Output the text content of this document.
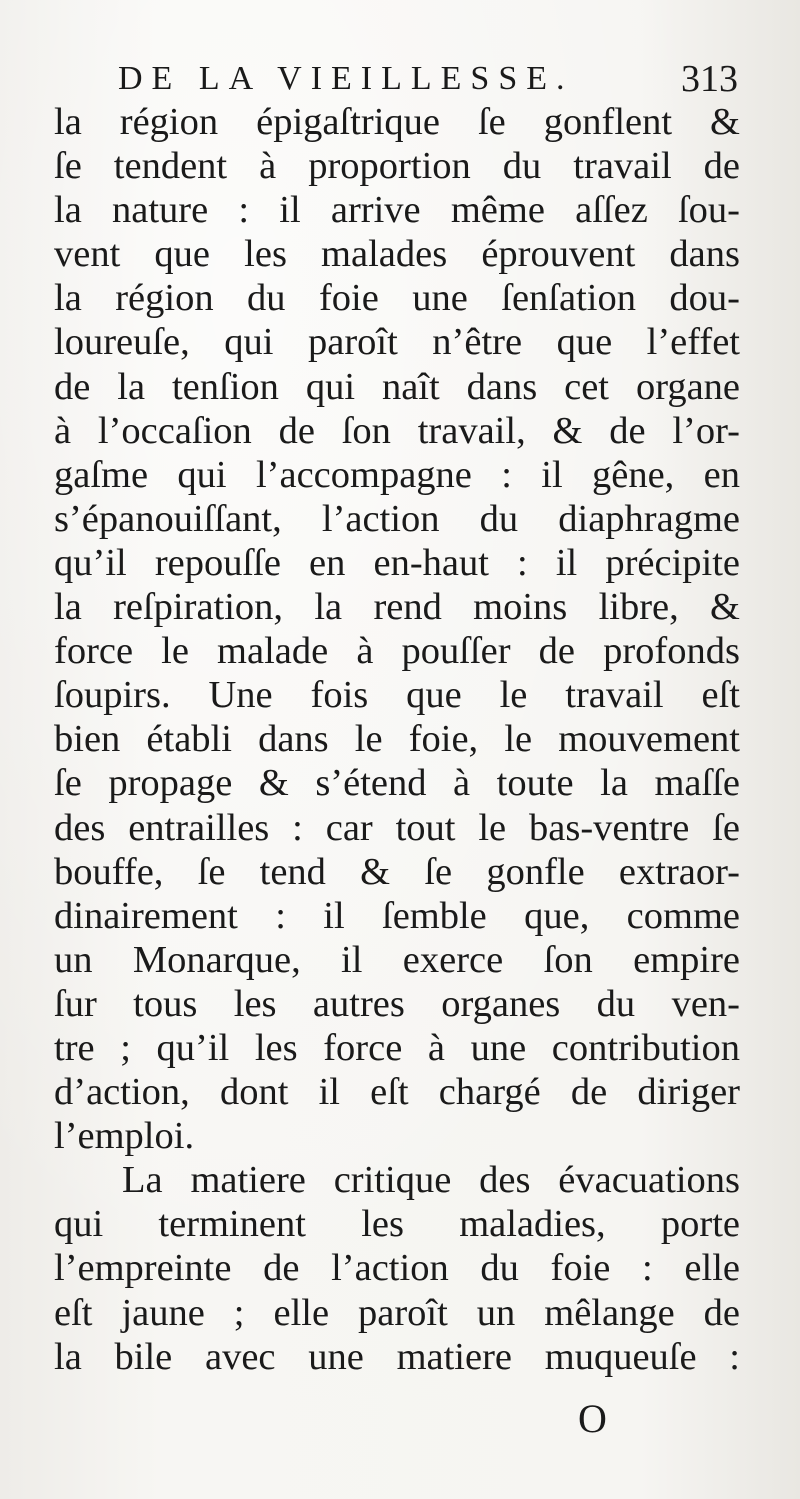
DE LA VIEILLESSE.	313
la région épigaſtrique ſe gonflent &
ſe tendent à proportion du travail de
la nature : il arrive même aſſez ſou-
vent que les malades éprouvent dans
la région du foie une ſenſation dou-
loureuſe, qui paroît n’être que l’effet
de la tenſion qui naît dans cet organe
à l’occaſion de ſon travail, & de l’or-
gaſme qui l’accompagne : il gêne, en
s’épanouiſſant, l’action du diaphragme
qu’il repouſſe en en-haut : il précipite
la reſpiration, la rend moins libre, &
force le malade à pouſſer de profonds
ſoupirs. Une fois que le travail eſt
bien établi dans le foie, le mouvement
ſe propage & s’étend à toute la maſſe
des entrailles : car tout le bas-ventre ſe
bouffe, ſe tend & ſe gonfle extraor-
dinairement : il ſemble que, comme
un Monarque, il exerce ſon empire
ſur tous les autres organes du ven-
tre ; qu’il les force à une contribution
d’action, dont il eſt chargé de diriger
l’emploi.
La matiere critique des évacuations
qui terminent les maladies, porte
l’empreinte de l’action du foie : elle
eſt jaune ; elle paroît un mêlange de
la bile avec une matiere muqueuſe :
O
